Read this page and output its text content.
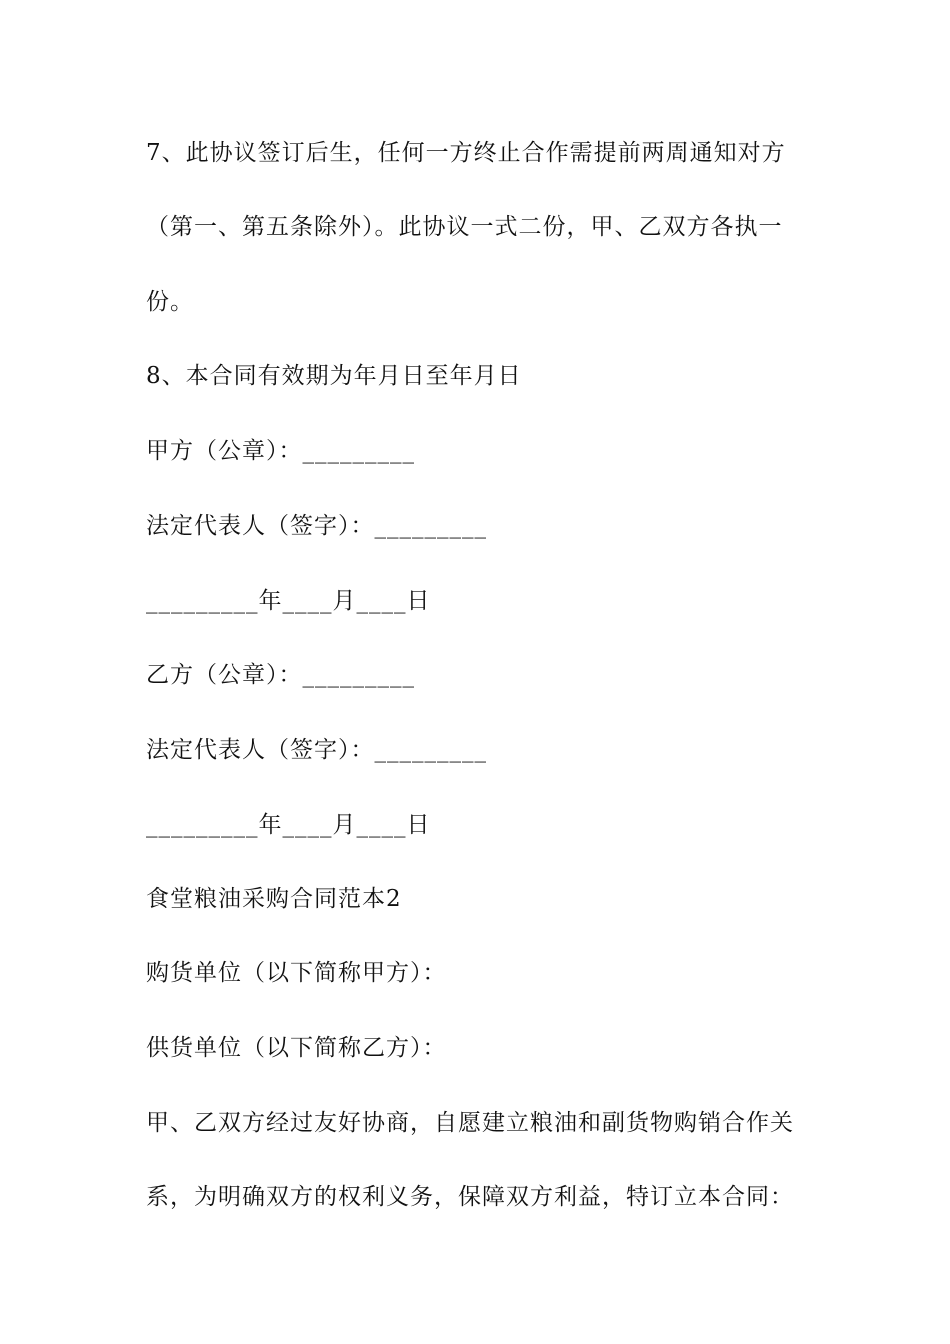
7、此协议签订后生，任何一方终止合作需提前两周通知对方
（第一、第五条除外）。此协议一式二份，甲、乙双方各执一
份。
8、本合同有效期为年月日至年月日
甲方（公章）：_________
法定代表人（签字）：_________
_________年____月____日
乙方（公章）：_________
法定代表人（签字）：_________
_________年____月____日
食堂粮油采购合同范本2
购货单位（以下简称甲方）：
供货单位（以下简称乙方）：
甲、乙双方经过友好协商，自愿建立粮油和副货物购销合作关
系，为明确双方的权利义务，保障双方利益，特订立本合同：
